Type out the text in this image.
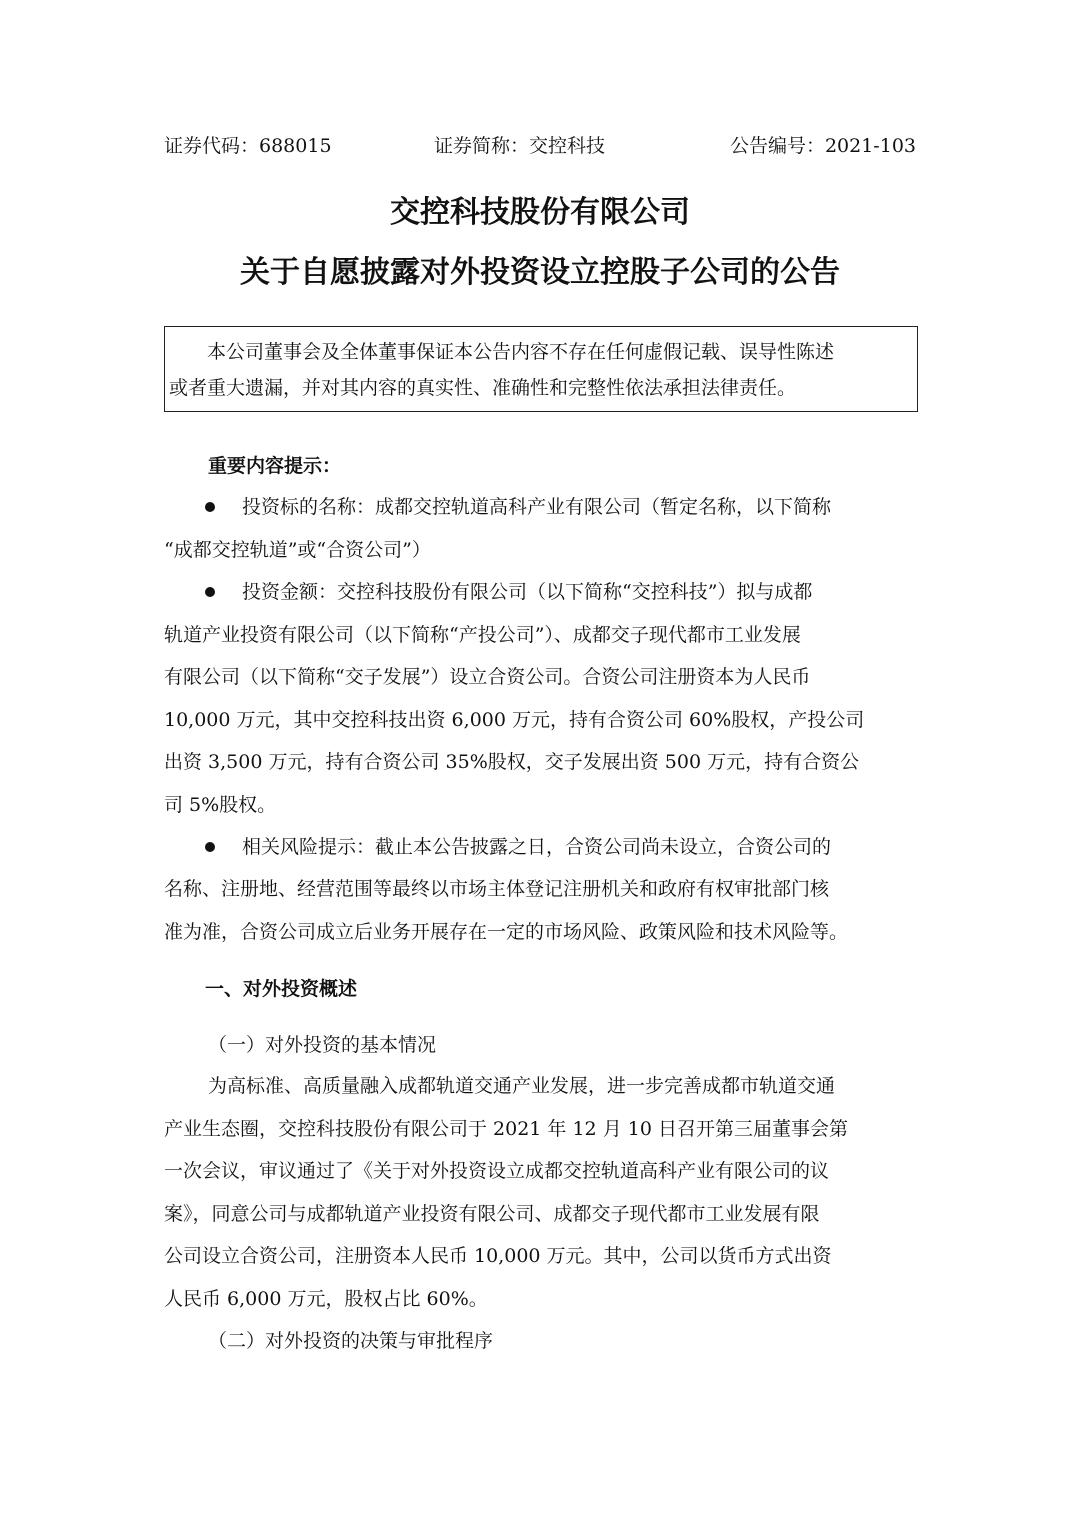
证券代码：688015	证券简称：交控科技	公告编号：2021-103
交控科技股份有限公司
关于自愿披露对外投资设立控股子公司的公告
本公司董事会及全体董事保证本公告内容不存在任何虚假记载、误导性陈述
或者重大遗漏，并对其内容的真实性、准确性和完整性依法承担法律责任。
重要内容提示：
投资标的名称：成都交控轨道高科产业有限公司（暂定名称，以下简称
“成都交控轨道”或“合资公司”）
投资金额：交控科技股份有限公司（以下简称“交控科技”）拟与成都
轨道产业投资有限公司（以下简称“产投公司”）、成都交子现代都市工业发展
有限公司（以下简称“交子发展”）设立合资公司。合资公司注册资本为人民币
10,000 万元，其中交控科技出资 6,000 万元，持有合资公司 60%股权，产投公司
出资 3,500 万元，持有合资公司 35%股权，交子发展出资 500 万元，持有合资公
司 5%股权。
相关风险提示：截止本公告披露之日，合资公司尚未设立，合资公司的
名称、注册地、经营范围等最终以市场主体登记注册机关和政府有权审批部门核
准为准，合资公司成立后业务开展存在一定的市场风险、政策风险和技术风险等。
一、对外投资概述
（一）对外投资的基本情况
为高标准、高质量融入成都轨道交通产业发展，进一步完善成都市轨道交通
产业生态圈，交控科技股份有限公司于 2021 年 12 月 10 日召开第三届董事会第
一次会议，审议通过了《关于对外投资设立成都交控轨道高科产业有限公司的议
案》，同意公司与成都轨道产业投资有限公司、成都交子现代都市工业发展有限
公司设立合资公司，注册资本人民币 10,000 万元。其中，公司以货币方式出资
人民币 6,000 万元，股权占比 60%。
（二）对外投资的决策与审批程序
